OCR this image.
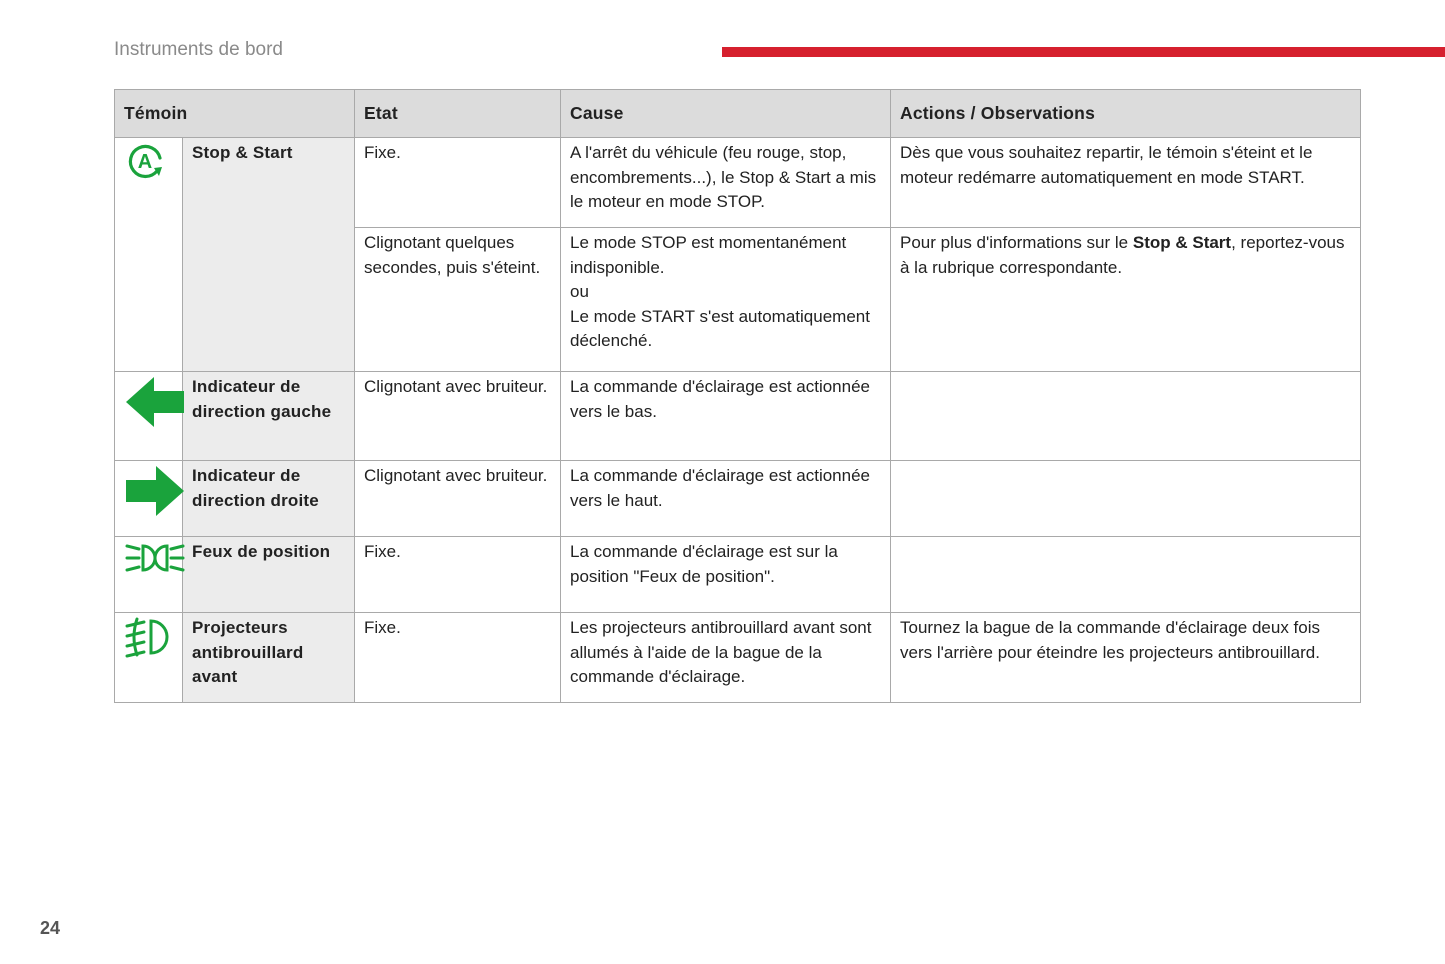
Instruments de bord
Témoin		Etat	Cause	Actions / Observations

A	Stop & Start	Fixe.	A l'arrêt du véhicule (feu rouge, stop, encombrements...), le Stop & Start a mis le moteur en mode STOP.	Dès que vous souhaitez repartir, le témoin s'éteint et le moteur redémarre automatiquement en mode START.
		Clignotant quelques secondes, puis s'éteint.	Le mode STOP est momentanément indisponible.
ou
Le mode START s'est automatiquement déclenché.	Pour plus d'informations sur le Stop & Start, reportez-vous à la rubrique correspondante.
	Indicateur de direction gauche	Clignotant avec bruiteur.	La commande d'éclairage est actionnée vers le bas.	
	Indicateur de direction droite	Clignotant avec bruiteur.	La commande d'éclairage est actionnée vers le haut.	
	Feux de position	Fixe.	La commande d'éclairage est sur la position "Feux de position".	
	Projecteurs antibrouillard avant	Fixe.	Les projecteurs antibrouillard avant sont allumés à l'aide de la bague de la commande d'éclairage.	Tournez la bague de la commande d'éclairage deux fois vers l'arrière pour éteindre les projecteurs antibrouillard.
24
